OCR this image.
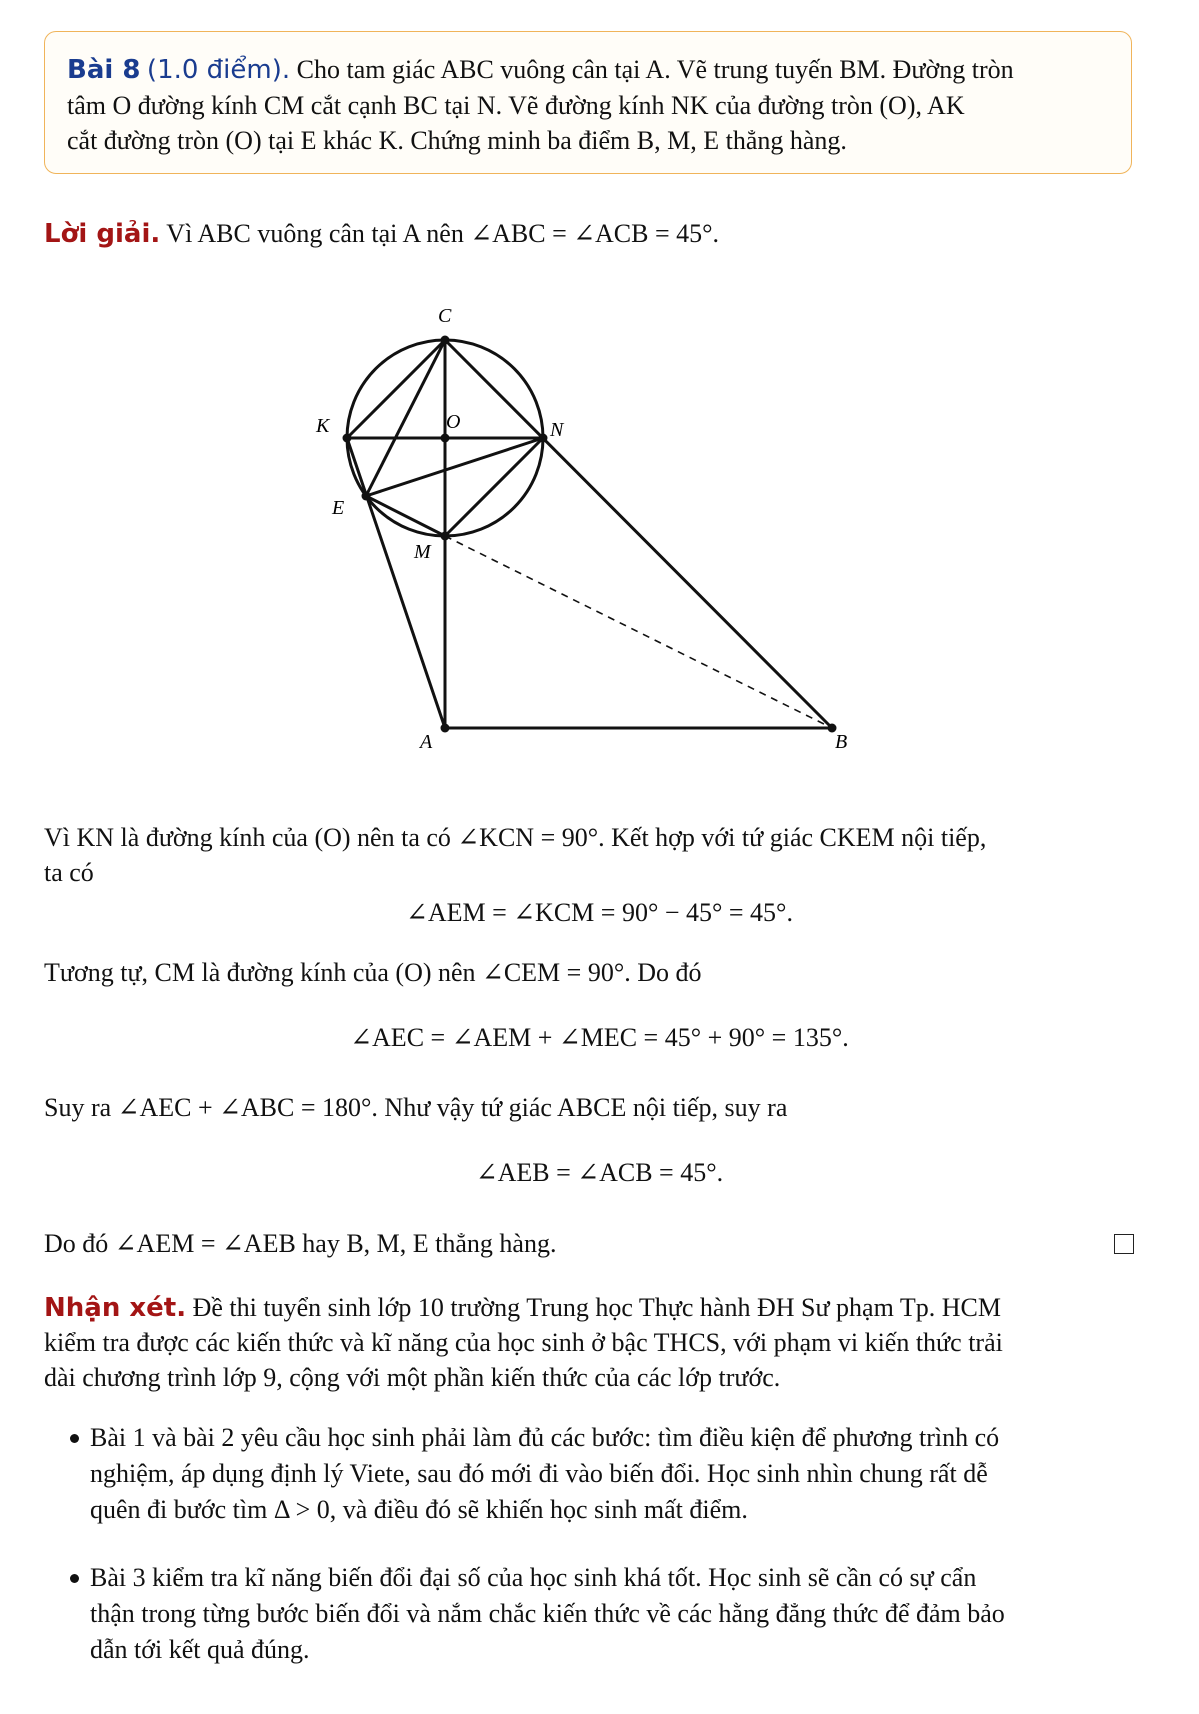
Bài 8 (1.0 điểm). Cho tam giác ABC vuông cân tại A. Vẽ trung tuyến BM. Đường tròn
tâm O đường kính CM cắt cạnh BC tại N. Vẽ đường kính NK của đường tròn (O), AK
cắt đường tròn (O) tại E khác K. Chứng minh ba điểm B, M, E thẳng hàng.
Lời giải. Vì ABC vuông cân tại A nên ∠ABC = ∠ACB = 45°.
C
K	O	N
E
M
A	B
Vì KN là đường kính của (O) nên ta có ∠KCN = 90°. Kết hợp với tứ giác CKEM nội tiếp,
ta có
∠AEM = ∠KCM = 90° − 45° = 45°.
Tương tự, CM là đường kính của (O) nên ∠CEM = 90°. Do đó
∠AEC = ∠AEM + ∠MEC = 45° + 90° = 135°.
Suy ra ∠AEC + ∠ABC = 180°. Như vậy tứ giác ABCE nội tiếp, suy ra
∠AEB = ∠ACB = 45°.
Do đó ∠AEM = ∠AEB hay B, M, E thẳng hàng.
Nhận xét. Đề thi tuyển sinh lớp 10 trường Trung học Thực hành ĐH Sư phạm Tp. HCM
kiểm tra được các kiến thức và kĩ năng của học sinh ở bậc THCS, với phạm vi kiến thức trải
dài chương trình lớp 9, cộng với một phần kiến thức của các lớp trước.
Bài 1 và bài 2 yêu cầu học sinh phải làm đủ các bước: tìm điều kiện để phương trình có
nghiệm, áp dụng định lý Viete, sau đó mới đi vào biến đổi. Học sinh nhìn chung rất dễ
quên đi bước tìm Δ > 0, và điều đó sẽ khiến học sinh mất điểm.
Bài 3 kiểm tra kĩ năng biến đổi đại số của học sinh khá tốt. Học sinh sẽ cần có sự cẩn
thận trong từng bước biến đổi và nắm chắc kiến thức về các hằng đẳng thức để đảm bảo
dẫn tới kết quả đúng.
